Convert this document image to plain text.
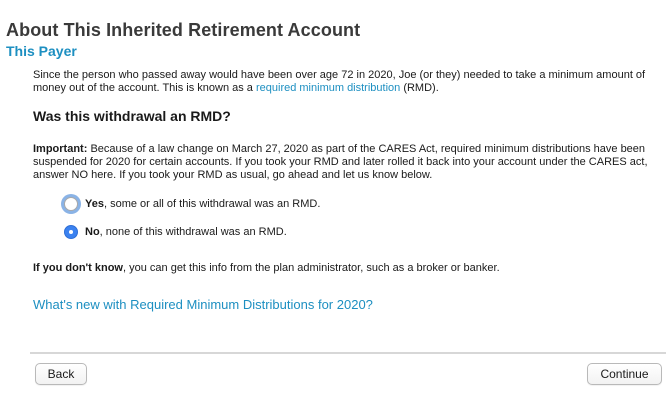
About This Inherited Retirement Account
This Payer
Since the person who passed away would have been over age 72 in 2020, Joe (or they) needed to take a minimum amount of money out of the account. This is known as a required minimum distribution (RMD).
Was this withdrawal an RMD?
Important: Because of a law change on March 27, 2020 as part of the CARES Act, required minimum distributions have been suspended for 2020 for certain accounts. If you took your RMD and later rolled it back into your account under the CARES act, answer NO here. If you took your RMD as usual, go ahead and let us know below.
Yes, some or all of this withdrawal was an RMD.
No, none of this withdrawal was an RMD.
If you don't know, you can get this info from the plan administrator, such as a broker or banker.
What's new with Required Minimum Distributions for 2020?
Back	Continue
